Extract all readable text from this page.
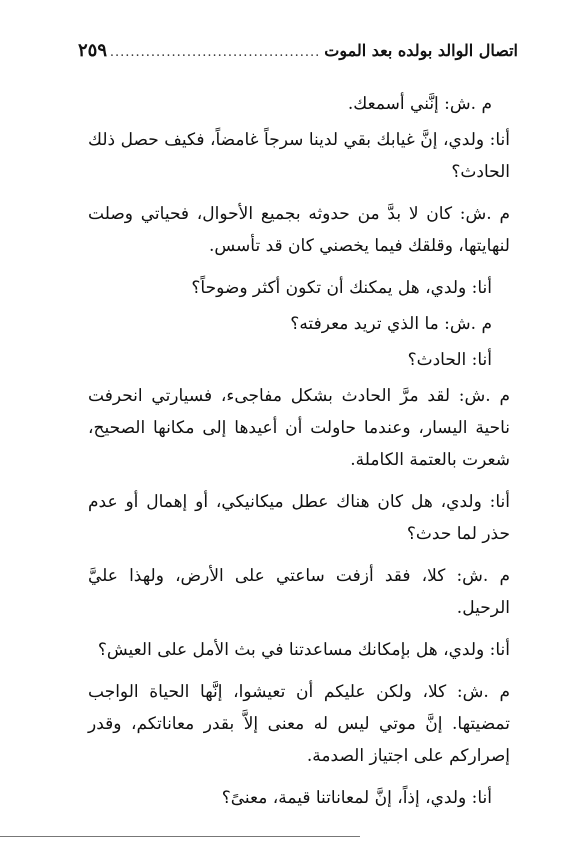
اتصال الوالد بولده بعد الموت
.....
٢٥٩

م .ش: إنَّني أسمعك.

أنا: ولدي، إنَّ غيابك بقي لدينا سرجاً غامضاً، فكيف حصل ذلك الحادث؟

م .ش: كان لا بدَّ من حدوثه بجميع الأحوال، فحياتي وصلت لنهايتها، وقلقك فيما يخصني كان قد تأسس.

أنا: ولدي، هل يمكنك أن تكون أكثر وضوحاً؟

م .ش: ما الذي تريد معرفته؟

أنا: الحادث؟

م .ش: لقد مرَّ الحادث بشكل مفاجىء، فسيارتي انحرفت ناحية اليسار، وعندما حاولت أن أعيدها إلى مكانها الصحيح، شعرت بالعتمة الكاملة.

أنا: ولدي، هل كان هناك عطل ميكانيكي، أو إهمال أو عدم حذر لما حدث؟

م .ش: كلا، فقد أزفت ساعتي على الأرض، ولهذا عليَّ الرحيل.

أنا: ولدي، هل بإمكانك مساعدتنا في بث الأمل على العيش؟

م .ش: كلا، ولكن عليكم أن تعيشوا، إنَّها الحياة الواجب تمضيتها. إنَّ موتي ليس له معنى إلاَّ بقدر معاناتكم، وقدر إصراركم على اجتياز الصدمة.

أنا: ولدي، إذاً، إنَّ لمعاناتنا قيمة، معنىً؟
